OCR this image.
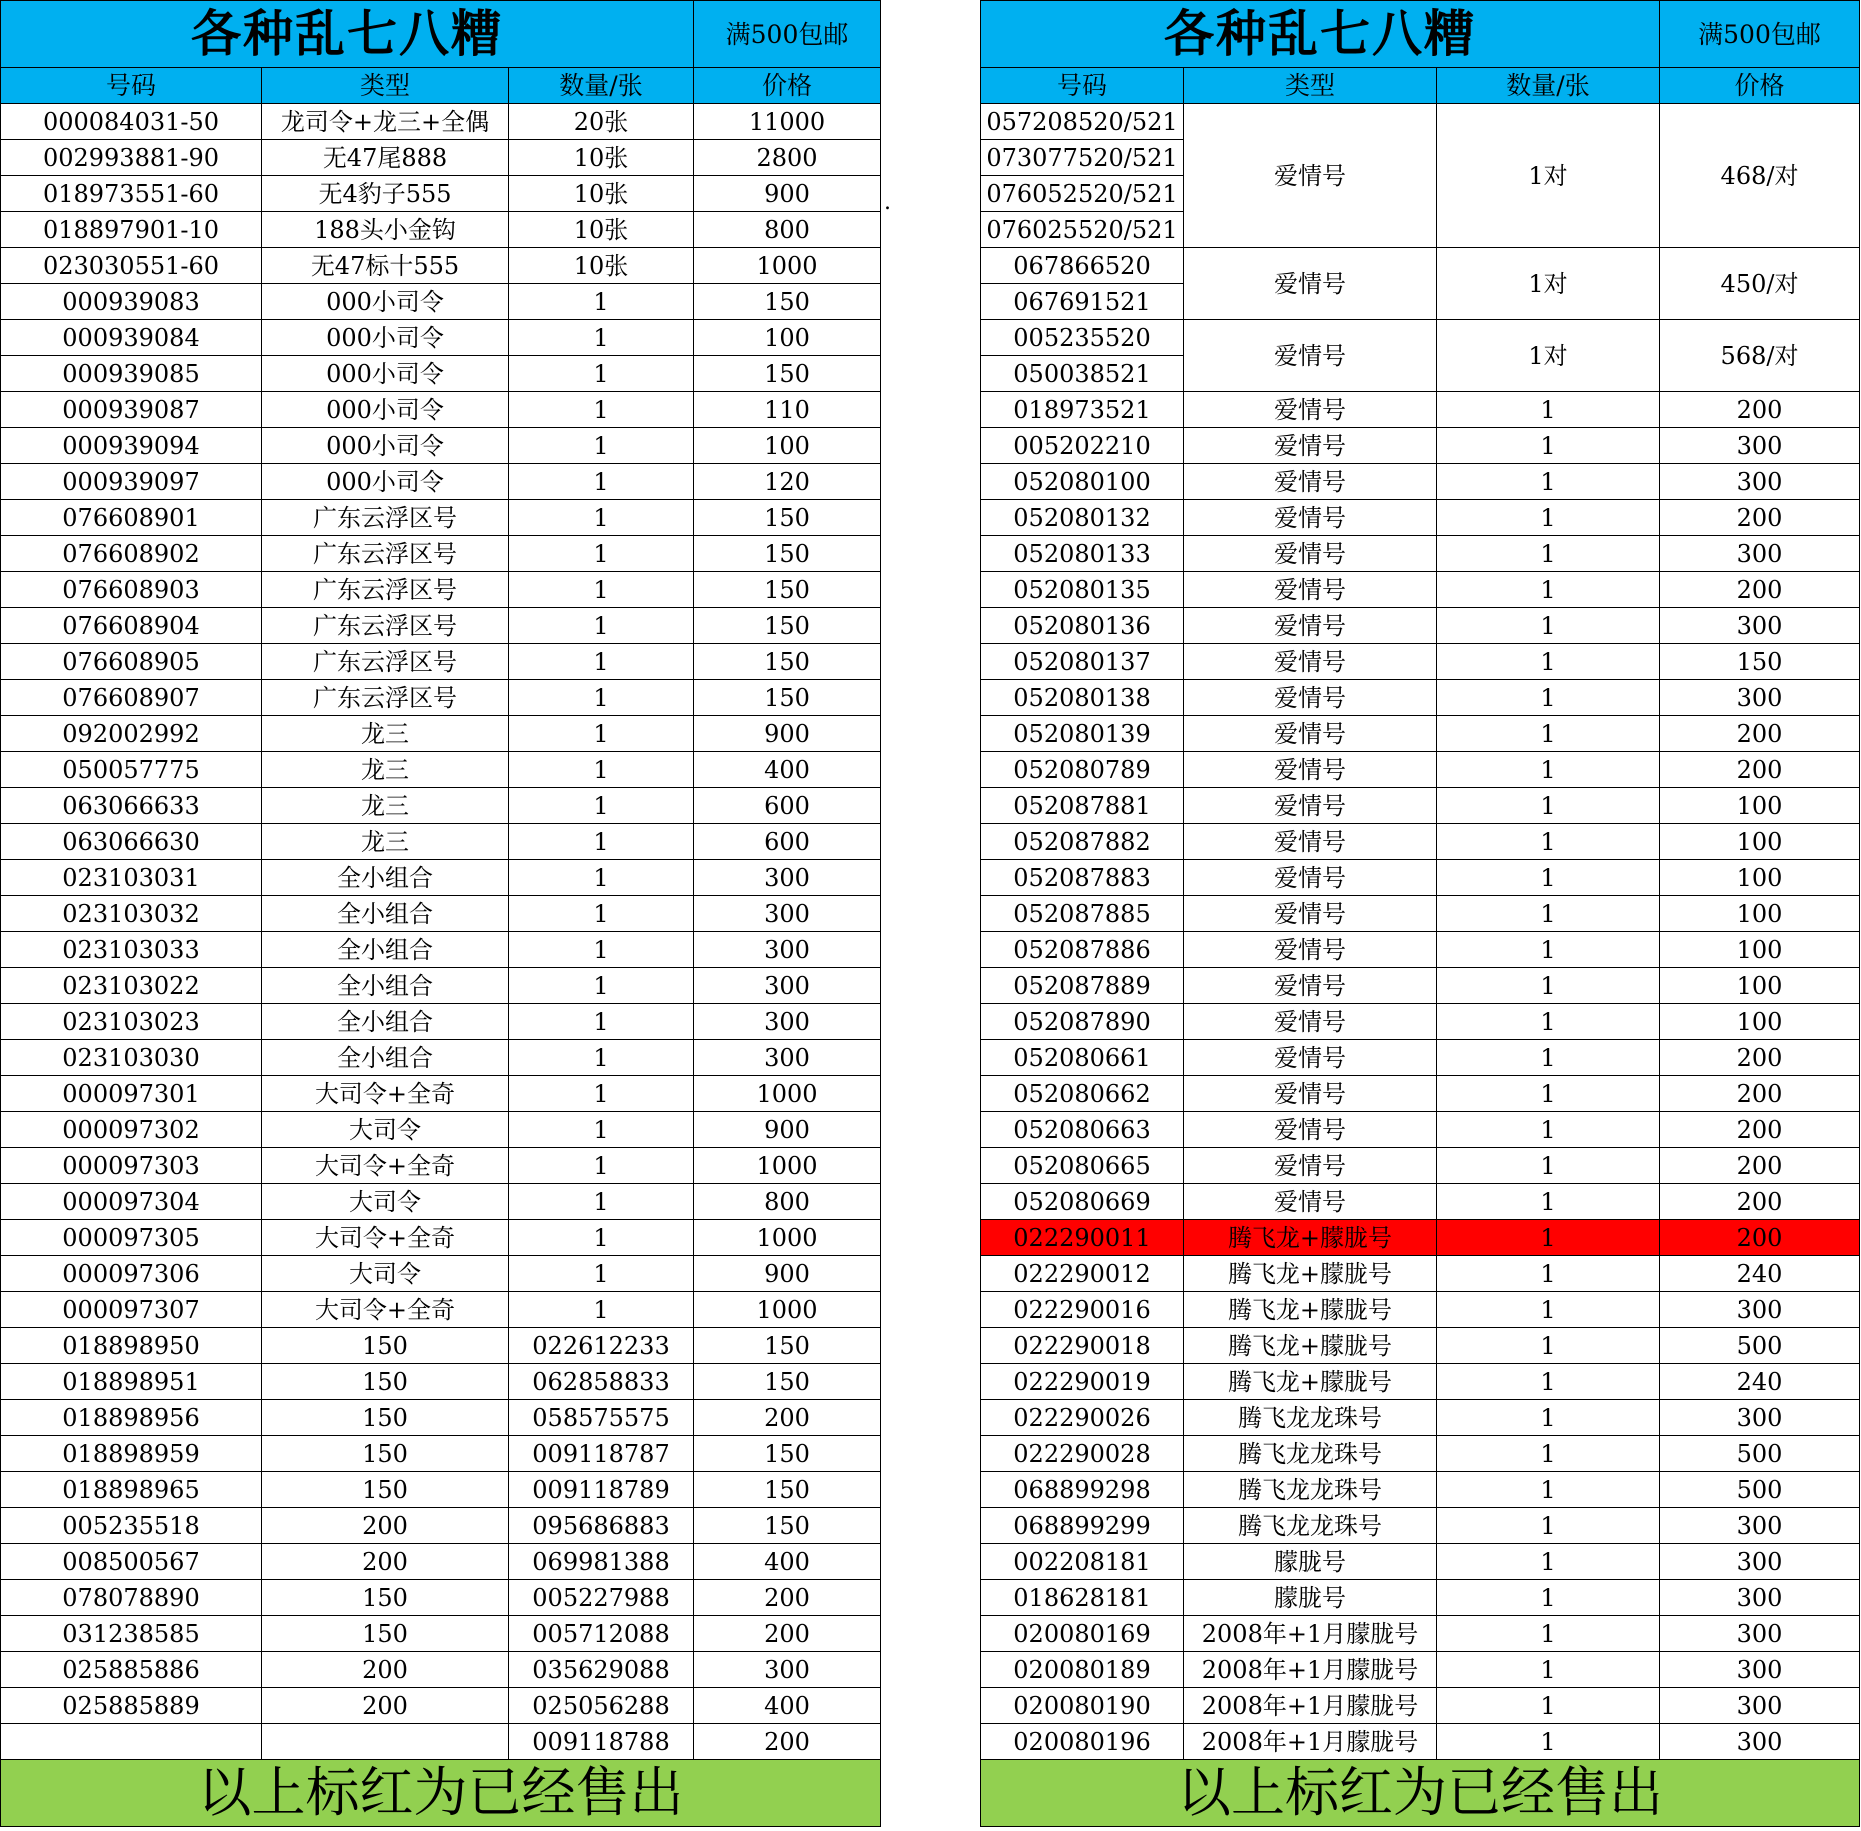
各种乱七八糟			满500包邮
号码	类型	数量/张	价格
000084031-50	龙司令+龙三+全偶	20张	11000
002993881-90	无47尾888	10张	2800
018973551-60	无4豹子555	10张	900
018897901-10	188头小金钩	10张	800
023030551-60	无47标十555	10张	1000
000939083	000小司令	1	150
000939084	000小司令	1	100
000939085	000小司令	1	150
000939087	000小司令	1	110
000939094	000小司令	1	100
000939097	000小司令	1	120
076608901	广东云浮区号	1	150
076608902	广东云浮区号	1	150
076608903	广东云浮区号	1	150
076608904	广东云浮区号	1	150
076608905	广东云浮区号	1	150
076608907	广东云浮区号	1	150
092002992	龙三	1	900
050057775	龙三	1	400
063066633	龙三	1	600
063066630	龙三	1	600
023103031	全小组合	1	300
023103032	全小组合	1	300
023103033	全小组合	1	300
023103022	全小组合	1	300
023103023	全小组合	1	300
023103030	全小组合	1	300
000097301	大司令+全奇	1	1000
000097302	大司令	1	900
000097303	大司令+全奇	1	1000
000097304	大司令	1	800
000097305	大司令+全奇	1	1000
000097306	大司令	1	900
000097307	大司令+全奇	1	1000
018898950	150	022612233	150
018898951	150	062858833	150
018898956	150	058575575	200
018898959	150	009118787	150
018898965	150	009118789	150
005235518	200	095686883	150
008500567	200	069981388	400
078078890	150	005227988	200
031238585	150	005712088	200
025885886	200	035629088	300
025885889	200	025056288	400
		009118788	200
以上标红为已经售出			
.
各种乱七八糟			满500包邮
号码	类型	数量/张	价格
057208520/521	爱情号	1对	468/对
073077520/521			
076052520/521			
076025520/521			
067866520	爱情号	1对	450/对
067691521			
005235520	爱情号	1对	568/对
050038521			
018973521	爱情号	1	200
005202210	爱情号	1	300
052080100	爱情号	1	300
052080132	爱情号	1	200
052080133	爱情号	1	300
052080135	爱情号	1	200
052080136	爱情号	1	300
052080137	爱情号	1	150
052080138	爱情号	1	300
052080139	爱情号	1	200
052080789	爱情号	1	200
052087881	爱情号	1	100
052087882	爱情号	1	100
052087883	爱情号	1	100
052087885	爱情号	1	100
052087886	爱情号	1	100
052087889	爱情号	1	100
052087890	爱情号	1	100
052080661	爱情号	1	200
052080662	爱情号	1	200
052080663	爱情号	1	200
052080665	爱情号	1	200
052080669	爱情号	1	200
022290011	腾飞龙+朦胧号	1	200
022290012	腾飞龙+朦胧号	1	240
022290016	腾飞龙+朦胧号	1	300
022290018	腾飞龙+朦胧号	1	500
022290019	腾飞龙+朦胧号	1	240
022290026	腾飞龙龙珠号	1	300
022290028	腾飞龙龙珠号	1	500
068899298	腾飞龙龙珠号	1	500
068899299	腾飞龙龙珠号	1	300
002208181	朦胧号	1	300
018628181	朦胧号	1	300
020080169	2008年+1月朦胧号	1	300
020080189	2008年+1月朦胧号	1	300
020080190	2008年+1月朦胧号	1	300
020080196	2008年+1月朦胧号	1	300
以上标红为已经售出			
